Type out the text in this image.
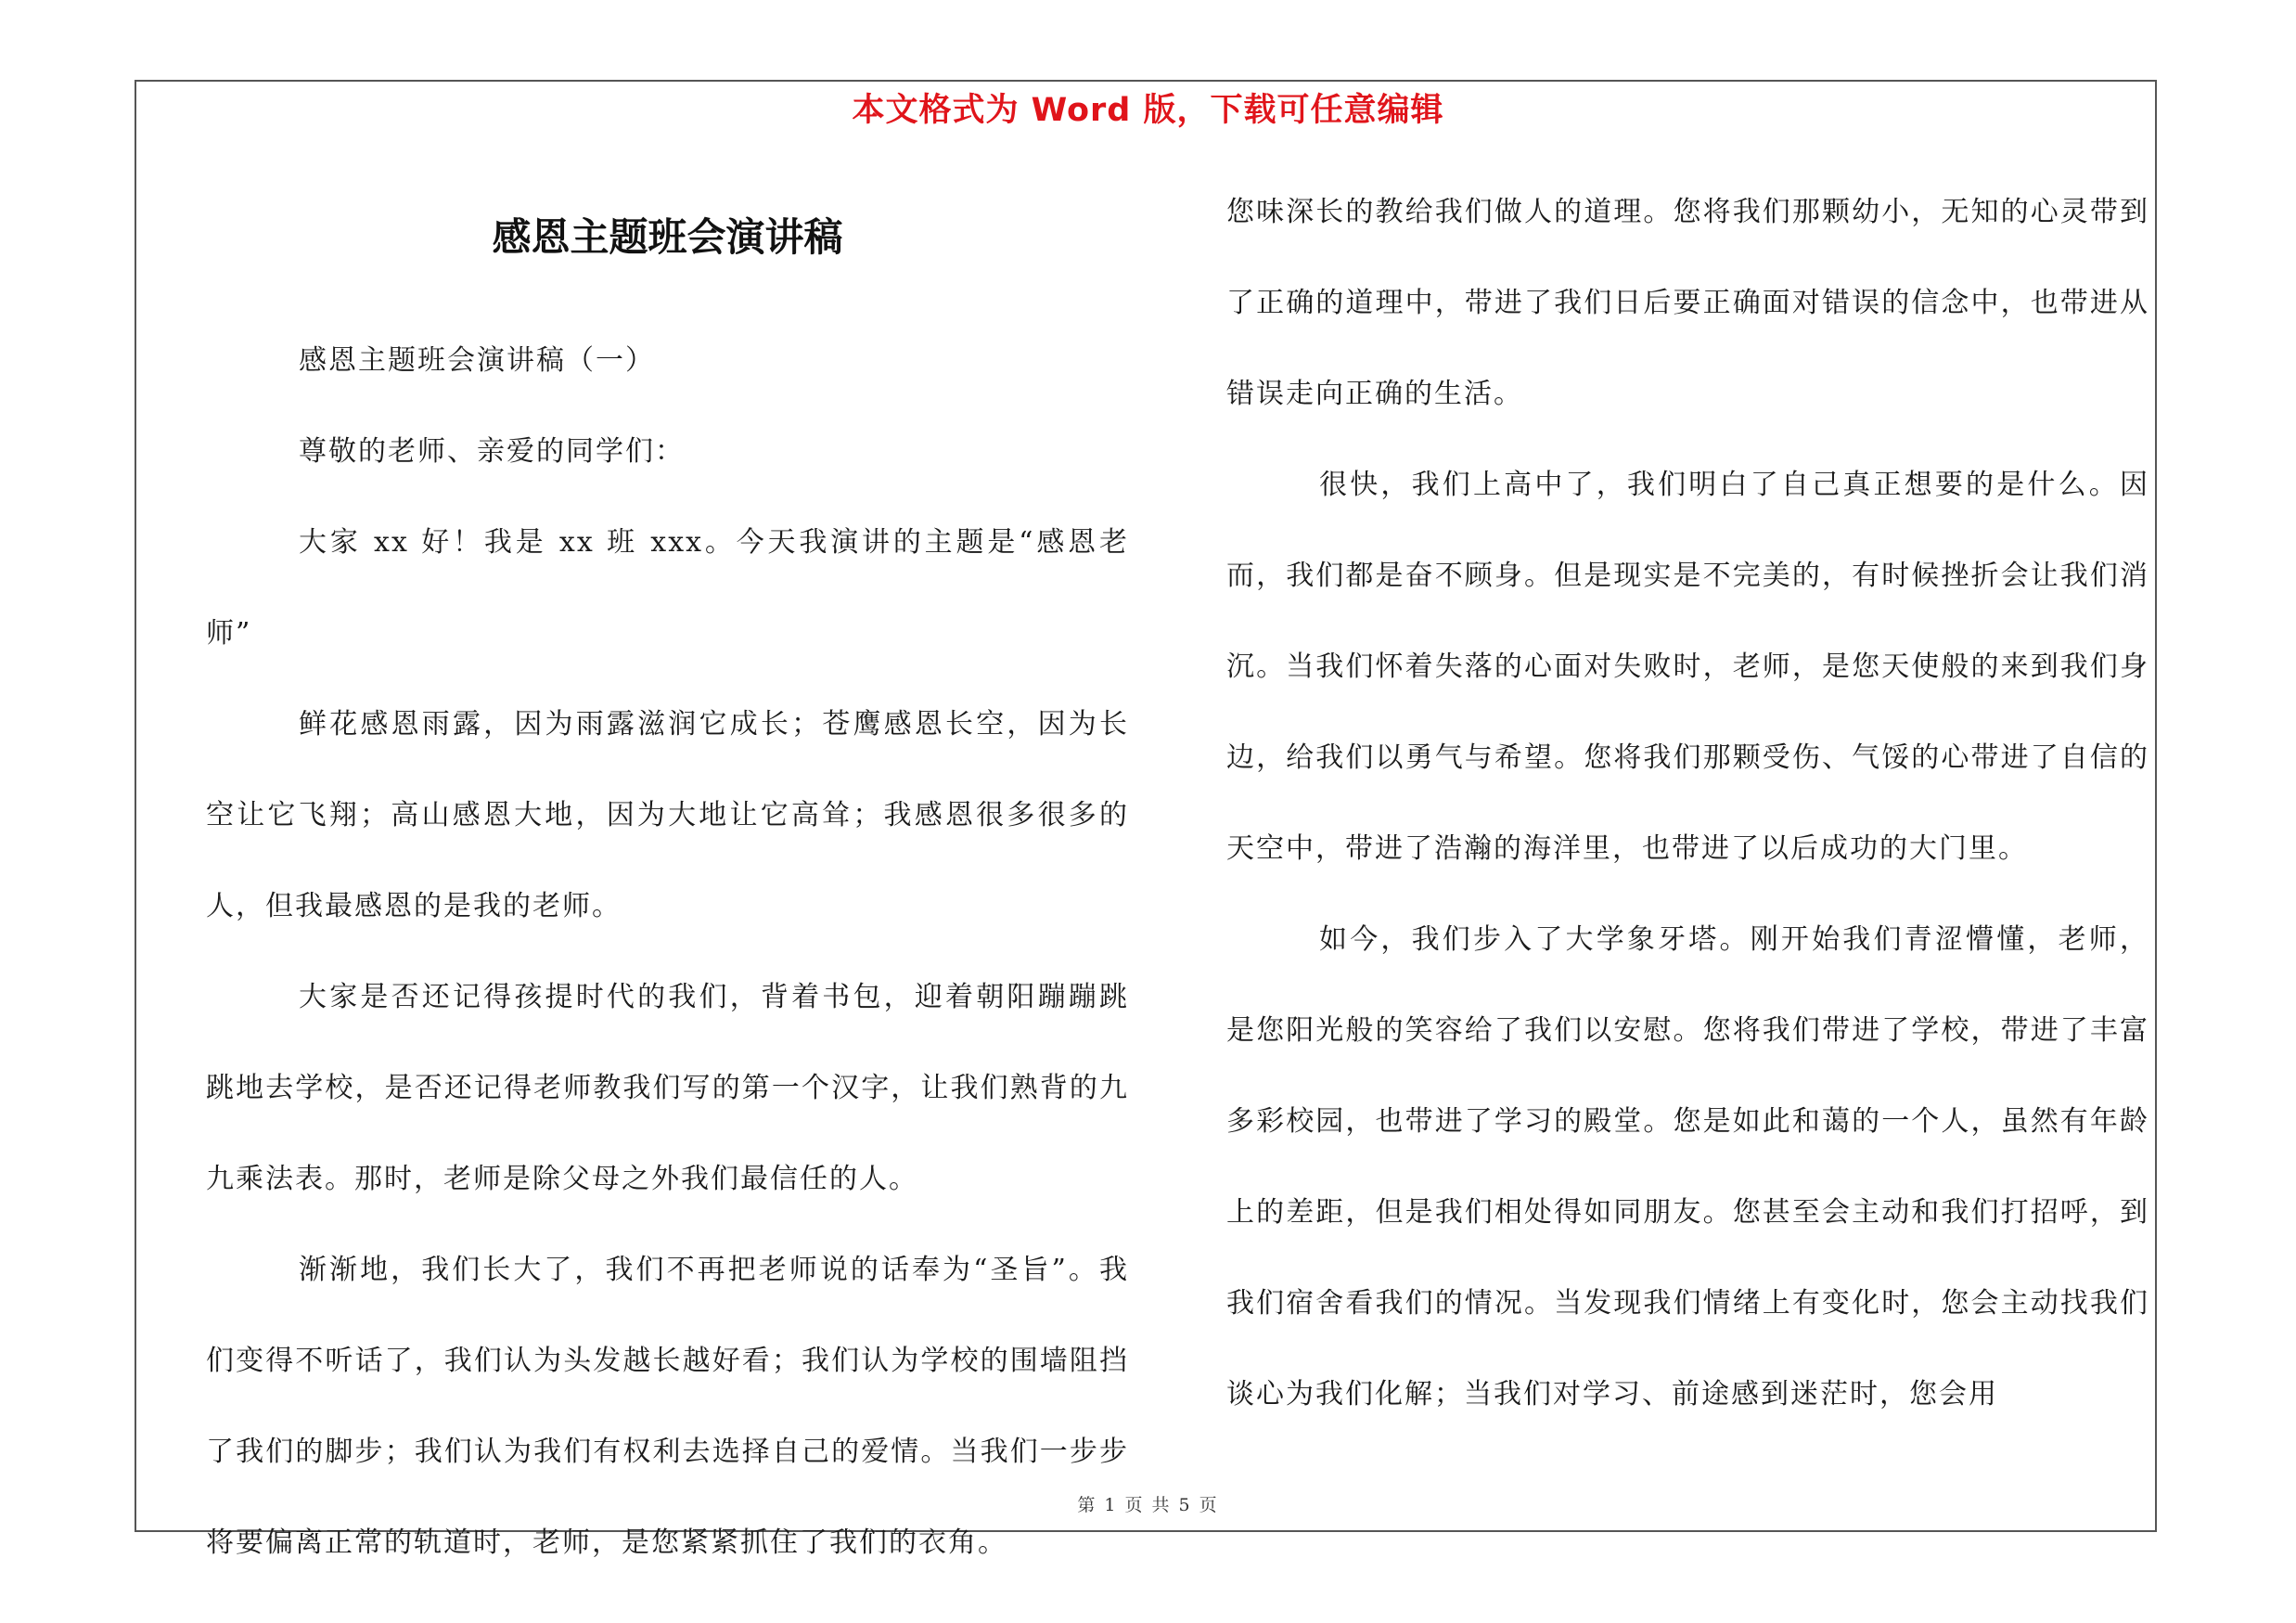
本文格式为 Word 版，下载可任意编辑
感恩主题班会演讲稿

感恩主题班会演讲稿（一）

尊敬的老师、亲爱的同学们：

大家 xx 好！我是 xx 班 xxx。今天我演讲的主题是“感恩老师”

鲜花感恩雨露，因为雨露滋润它成长；苍鹰感恩长空，因为长空让它飞翔；高山感恩大地，因为大地让它高耸；我感恩很多很多的人，但我最感恩的是我的老师。

大家是否还记得孩提时代的我们，背着书包，迎着朝阳蹦蹦跳跳地去学校，是否还记得老师教我们写的第一个汉字，让我们熟背的九九乘法表。那时，老师是除父母之外我们最信任的人。

渐渐地，我们长大了，我们不再把老师说的话奉为“圣旨”。我们变得不听话了，我们认为头发越长越好看；我们认为学校的围墙阻挡了我们的脚步；我们认为我们有权利去选择自己的爱情。当我们一步步将要偏离正常的轨道时，老师，是您紧紧抓住了我们的衣角。

您味深长的教给我们做人的道理。您将我们那颗幼小，无知的心灵带到了正确的道理中，带进了我们日后要正确面对错误的信念中，也带进从错误走向正确的生活。

很快，我们上高中了，我们明白了自己真正想要的是什么。因而，我们都是奋不顾身。但是现实是不完美的，有时候挫折会让我们消沉。当我们怀着失落的心面对失败时，老师，是您天使般的来到我们身边，给我们以勇气与希望。您将我们那颗受伤、气馁的心带进了自信的天空中，带进了浩瀚的海洋里，也带进了以后成功的大门里。

如今，我们步入了大学象牙塔。刚开始我们青涩懵懂，老师，是您阳光般的笑容给了我们以安慰。您将我们带进了学校，带进了丰富多彩校园，也带进了学习的殿堂。您是如此和蔼的一个人，虽然有年龄上的差距，但是我们相处得如同朋友。您甚至会主动和我们打招呼，到我们宿舍看我们的情况。当发现我们情绪上有变化时，您会主动找我们谈心为我们化解；当我们对学习、前途感到迷茫时，您会用

第 1 页 共 5 页
